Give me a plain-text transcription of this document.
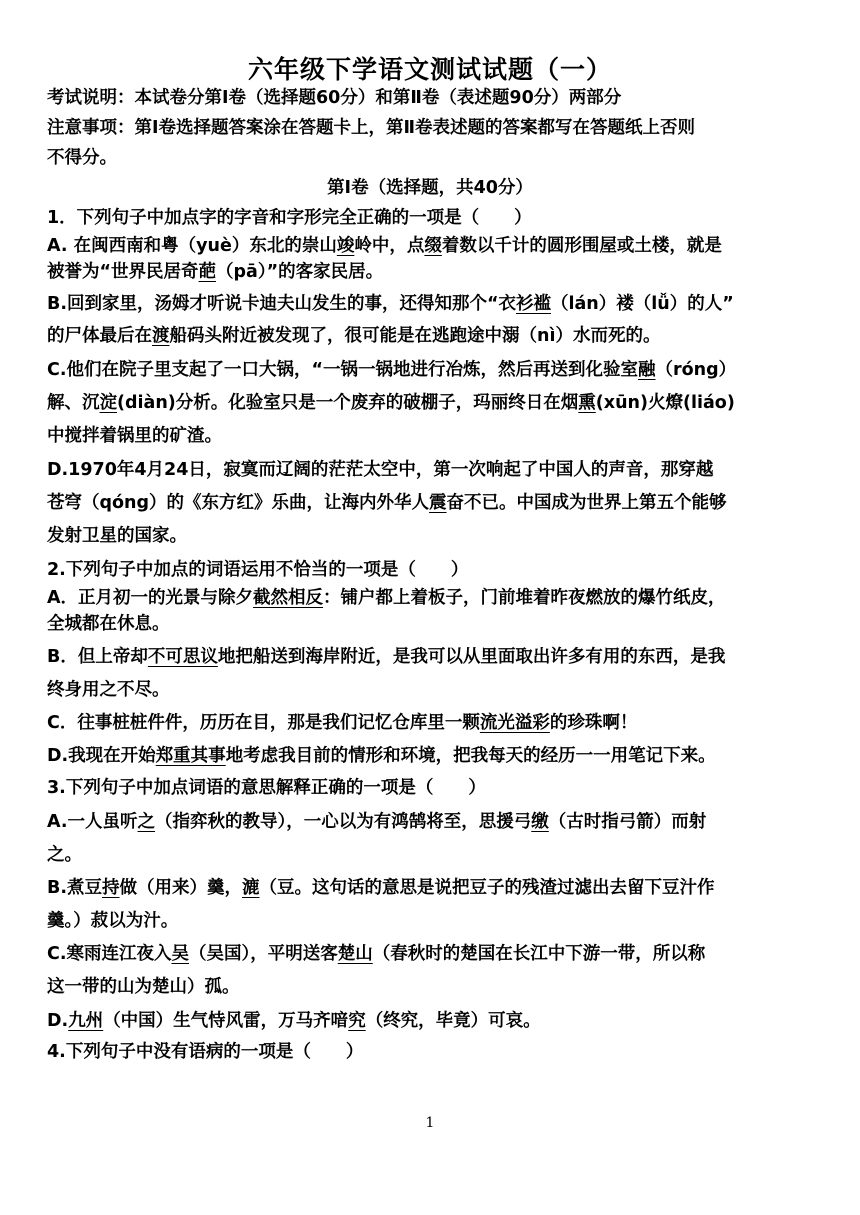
六年级下学语文测试试题（一）
考试说明：本试卷分第Ⅰ卷（选择题60分）和第Ⅱ卷（表述题90分）两部分
注意事项：第Ⅰ卷选择题答案涂在答题卡上，第Ⅱ卷表述题的答案都写在答题纸上否则
不得分。
第Ⅰ卷（选择题，共40分）
1．下列句子中加点字的字音和字形完全正确的一项是（　　）
A. 在闽西南和粤（yuè）东北的崇山竣岭中，点缀着数以千计的圆形围屋或土楼，就是
被誉为“世界民居奇葩（pā）”的客家民居。
B.回到家里，汤姆才听说卡迪夫山发生的事，还得知那个“衣衫褴（lán）褛（lǚ）的人”
的尸体最后在渡船码头附近被发现了，很可能是在逃跑途中溺（nì）水而死的。
C.他们在院子里支起了一口大锅，“一锅一锅地进行冶炼，然后再送到化验室融（róng）
解、沉淀(diàn)分析。化验室只是一个废弃的破棚子，玛丽终日在烟熏(xūn)火燎(liáo)
中搅拌着锅里的矿渣。
D.1970年4月24日，寂寞而辽阔的茫茫太空中，第一次响起了中国人的声音，那穿越
苍穹（qóng）的《东方红》乐曲，让海内外华人震奋不已。中国成为世界上第五个能够
发射卫星的国家。
2.下列句子中加点的词语运用不恰当的一项是（　　）
A．正月初一的光景与除夕截然相反：铺户都上着板子，门前堆着昨夜燃放的爆竹纸皮，
全城都在休息。
B．但上帝却不可思议地把船送到海岸附近，是我可以从里面取出许多有用的东西，是我
终身用之不尽。
C．往事桩桩件件，历历在目，那是我们记忆仓库里一颗流光溢彩的珍珠啊！
D.我现在开始郑重其事地考虑我目前的情形和环境，把我每天的经历一一用笔记下来。
3.下列句子中加点词语的意思解释正确的一项是（　　）
A.一人虽听之（指弈秋的教导），一心以为有鸿鹄将至，思援弓缴（古时指弓箭）而射
之。
B.煮豆持做（用来）羹，漉（豆。这句话的意思是说把豆子的残渣过滤出去留下豆汁作
羹。）菽以为汁。
C.寒雨连江夜入吴（吴国），平明送客楚山（春秋时的楚国在长江中下游一带，所以称
这一带的山为楚山）孤。
D.九州（中国）生气恃风雷，万马齐喑究（终究，毕竟）可哀。
4.下列句子中没有语病的一项是（　　）
1
